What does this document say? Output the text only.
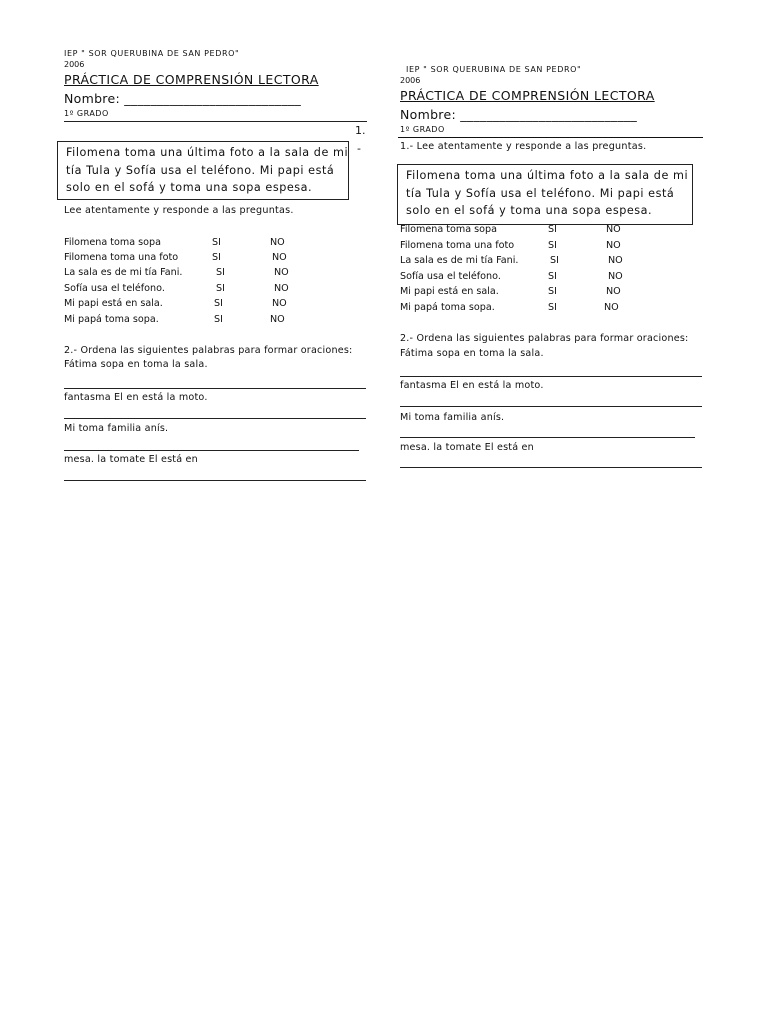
IEP " SOR QUERUBINA DE SAN PEDRO"
2006
PRÁCTICA DE COMPRENSIÓN LECTORA
Nombre: ___________________________
1º GRADO
1.
-
Filomena toma una última foto a la sala de mi
tía Tula y Sofía usa el teléfono. Mi papi está
solo en el sofá y toma una sopa espesa.
Lee atentamente y responde a las preguntas.
Filomena toma sopa	SI	NO
Filomena toma una foto	SI	NO
La sala es de mi tía Fani.	SI	NO
Sofía usa el teléfono.	SI	NO
Mi papi está en sala.	SI	NO
Mi papá toma sopa.	SI	NO
2.- Ordena las siguientes palabras para formar oraciones:
Fátima sopa en toma la sala.
fantasma El en está la moto.
Mi toma familia anís.
mesa. la tomate El está en
IEP " SOR QUERUBINA DE SAN PEDRO"
2006
PRÁCTICA DE COMPRENSIÓN LECTORA
Nombre: ___________________________
1º GRADO
1.- Lee atentamente y responde a las preguntas.
Filomena toma una última foto a la sala de mi
tía Tula y Sofía usa el teléfono. Mi papi está
solo en el sofá y toma una sopa espesa.
Filomena toma sopa	SI	NO
Filomena toma una foto	SI	NO
La sala es de mi tía Fani.	SI	NO
Sofía usa el teléfono.	SI	NO
Mi papi está en sala.	SI	NO
Mi papá toma sopa.	SI	NO
2.- Ordena las siguientes palabras para formar oraciones:
Fátima sopa en toma la sala.
fantasma El en está la moto.
Mi toma familia anís.
mesa. la tomate El está en
